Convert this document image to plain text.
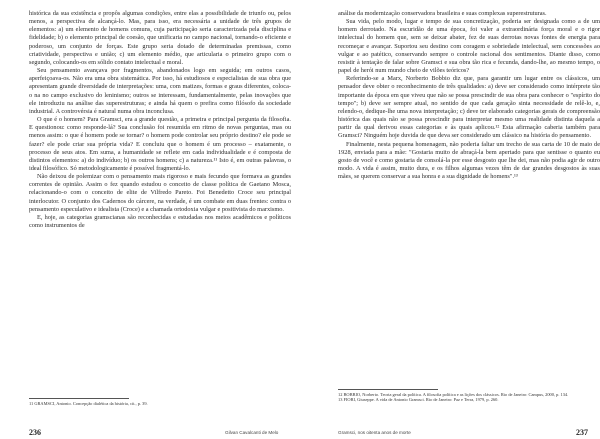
histórica da sua existência e propôs algumas condições, entre elas a possibilidade de triunfo ou, pelos menos, a perspectiva de alcançá-lo. Mas, para isso, era necessária a unidade de três grupos de elementos: a) um elemento de homens comuns, cuja participação seria caracterizada pela disciplina e fidelidade; b) o elemento principal de coesão, que unificaria no campo nacional, tornando-o eficiente e poderoso, um conjunto de forças. Este grupo seria dotado de determinadas premissas, como criatividade, perspectiva e união; c) um elemento médio, que articularia o primeiro grupo com o segundo, colocando-os em sólido contato intelectual e moral.

Seu pensamento avançava por fragmentos, abandonados logo em seguida; em outros casos, aperfeiçoava-os. Não era uma obra sistemática. Por isso, há estudiosos e especialistas de sua obra que apresentam grande diversidade de interpretações: uma, com matizes, formas e graus diferentes, coloca-o na no campo exclusivo do leninismo; outros se interessam, fundamentalmente, pelas inovações que ele introduziu na análise das superestruturas; e ainda há quem o prefira como filósofo da sociedade industrial. A controvérsia é natural numa obra inconclusa.

O que é o homem? Para Gramsci, era a grande questão, a primeira e principal pergunta da filosofia. E questionou: como responde-lá? Sua conclusão foi resumida em ritmo de novas perguntas, mas ou menos assim: o que é homem pode se tornar? o homem pode controlar seu próprio destino? ele pode se fazer? ele pode criar sua própria vida? E concluiu que o homem é um processo – exatamente, o processo de seus atos. Em suma, a humanidade se reflete em cada individualidade e é composta de distintos elementos: a) do indivíduo; b) os outros homens; c) a natureza.¹¹ Isto é, em outras palavras, o ideal filosófico. Só metodologicamente é possível fragmentá-lo.

Não deixou de polemizar com o pensamento mais rigoroso e mais fecundo que formava as grandes correntes de opinião. Assim o fez quando estudou o conceito de classe política de Gaetano Mosca, relacionando-o com o conceito de elite de Vilfredo Pareto. Foi Benedetto Croce seu principal interlocutor. O conjunto dos Cadernos do cárcere, na verdade, é um combate em duas frentes: contra o pensamento especulativo e idealista (Croce) e a chamada ortodoxia vulgar e positivista do marxismo.

E, hoje, as categorias gramscianas são reconhecidas e estudadas nos meios acadêmicos e políticos como instrumentos de

11 GRAMSCI, Antonio. Concepção dialética da história, cit., p. 39.

236	Gilvan Cavalcanti de Melo

análise da modernização conservadora brasileira e suas complexas superestruturas.

Sua vida, pelo modo, lugar e tempo de sua concretização, poderia ser designada como a de um homem derrotado. Na escuridão de uma época, foi valer a extraordinária força moral e o rigor intelectual do homem que, sem se deixar abater, fez de suas derrotas novas fontes de energia para recomeçar e avançar. Suportou seu destino com coragem e sobriedade intelectual, sem concessões ao vulgar e ao patético, conservando sempre o controle racional dos sentimentos. Diante disso, como resistir à tentação de falar sobre Gramsci e sua obra tão rica e fecunda, dando-lhe, ao mesmo tempo, o papel de herói num mundo cheio de vilões teóricos?

Referindo-se a Marx, Norberto Bobbio diz que, para garantir um lugar entre os clássicos, um pensador deve obter o reconhecimento de três qualidades: a) deve ser considerado como intérprete tão importante da época em que viveu que não se possa prescindir de sua obra para conhecer o "espírito do tempo"; b) deve ser sempre atual, no sentido de que cada geração sinta necessidade de relê-lo, e, relendo-o, dedique-lhe uma nova interpretação; c) deve ter elaborado categorias gerais de compreensão histórica das quais não se possa prescindir para interpretar mesmo uma realidade distinta daquela a partir da qual derivou essas categorias e às quais aplicou.¹² Esta afirmação caberia também para Gramsci? Ninguém hoje duvida de que deva ser considerado um clássico na história do pensamento.

Finalmente, nesta pequena homenagem, não poderia faltar um trecho de sua carta de 10 de maio de 1928, enviada para a mãe: "Gostaria muito de abraçá-la bem apertado para que sentisse o quanto eu gosto de você e como gostaria de consolá-la por esse desgosto que lhe dei, mas não podia agir de outro modo. A vida é assim, muito dura, e os filhos algumas vezes têm de dar grandes desgostos às suas mães, se querem conservar a sua honra e a sua dignidade de homens".¹³

12 BOBBIO, Norberto. Teoria geral da política. A filosofia política e as lições dos clássicos. Rio de Janeiro: Campus, 2000, p. 134.

13 FIORI, Giuseppe. A vida de Antonio Gramsci. Rio de Janeiro: Paz e Terra, 1979, p. 260.

Gramsci, nos oitenta anos de morte	237
